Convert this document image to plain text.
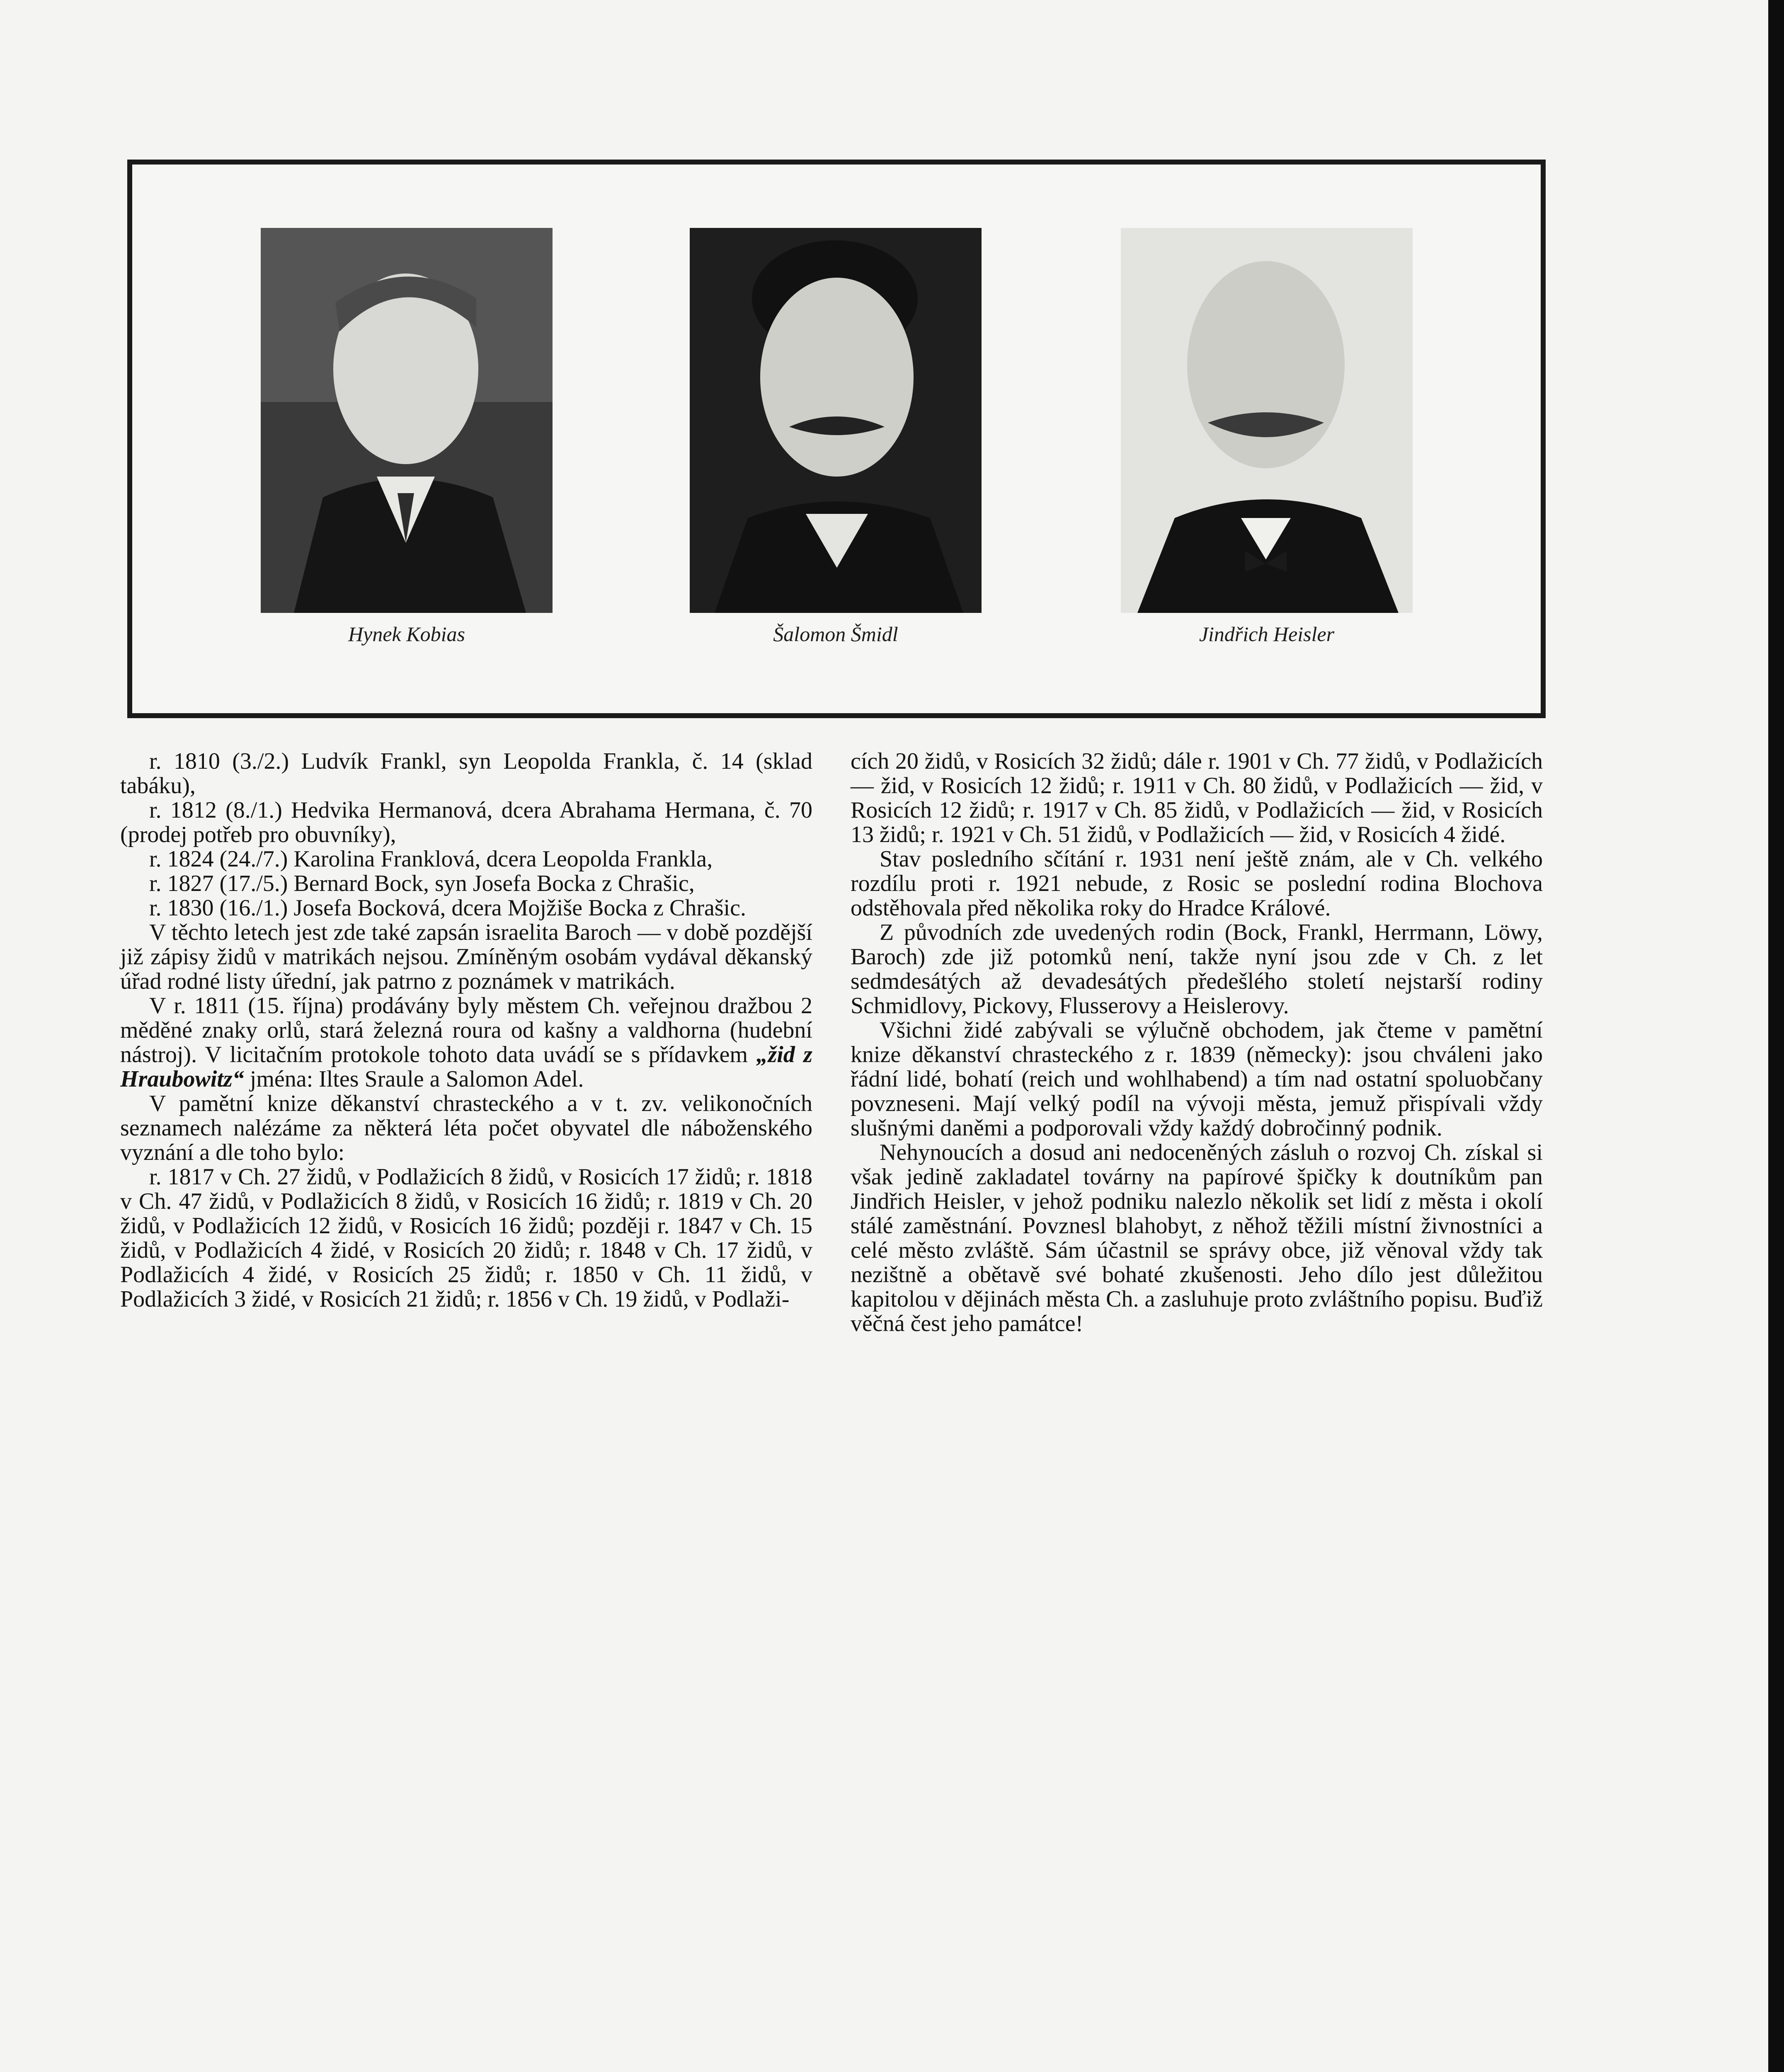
Hynek Kobias	Šalomon Šmidl	Jindřich Heisler

r. 1810 (3./2.) Ludvík Frankl, syn Leopolda Frankla, č. 14 (sklad tabáku),

r. 1812 (8./1.) Hedvika Hermanová, dcera Abrahama Hermana, č. 70 (prodej potřeb pro obuvníky),

r. 1824 (24./7.) Karolina Franklová, dcera Leopolda Frankla,

r. 1827 (17./5.) Bernard Bock, syn Josefa Bocka z Chrašic,

r. 1830 (16./1.) Josefa Bocková, dcera Mojžiše Bocka z Chrašic.

V těchto letech jest zde také zapsán israelita Baroch — v době pozdější již zápisy židů v matrikách nejsou. Zmíněným osobám vydával děkanský úřad rodné listy úřední, jak patrno z poznámek v matrikách.

V r. 1811 (15. října) prodávány byly městem Ch. veřejnou dražbou 2 měděné znaky orlů, stará železná roura od kašny a valdhorna (hudební nástroj). V licitačním protokole tohoto data uvádí se s přídavkem „žid z Hraubowitz“ jména: Iltes Sraule a Salomon Adel.

V pamětní knize děkanství chrasteckého a v t. zv. velikonočních seznamech nalézáme za některá léta počet obyvatel dle náboženského vyznání a dle toho bylo:

r. 1817 v Ch. 27 židů, v Podlažicích 8 židů, v Rosicích 17 židů; r. 1818 v Ch. 47 židů, v Podlažicích 8 židů, v Rosicích 16 židů; r. 1819 v Ch. 20 židů, v Podlažicích 12 židů, v Rosicích 16 židů; později r. 1847 v Ch. 15 židů, v Podlažicích 4 židé, v Rosicích 20 židů; r. 1848 v Ch. 17 židů, v Podlažicích 4 židé, v Rosicích 25 židů; r. 1850 v Ch. 11 židů, v Podlažicích 3 židé, v Rosicích 21 židů; r. 1856 v Ch. 19 židů, v Podlaži-

cích 20 židů, v Rosicích 32 židů; dále r. 1901 v Ch. 77 židů, v Podlažicích — žid, v Rosicích 12 židů; r. 1911 v Ch. 80 židů, v Podlažicích — žid, v Rosicích 12 židů; r. 1917 v Ch. 85 židů, v Podlažicích — žid, v Rosicích 13 židů; r. 1921 v Ch. 51 židů, v Podlažicích — žid, v Rosicích 4 židé.

Stav posledního sčítání r. 1931 není ještě znám, ale v Ch. velkého rozdílu proti r. 1921 nebude, z Rosic se poslední rodina Blochova odstěhovala před několika roky do Hradce Králové.

Z původních zde uvedených rodin (Bock, Frankl, Herrmann, Löwy, Baroch) zde již potomků není, takže nyní jsou zde v Ch. z let sedmdesátých až devadesátých předešlého století nejstarší rodiny Schmidlovy, Pickovy, Flusserovy a Heislerovy.

Všichni židé zabývali se výlučně obchodem, jak čteme v pamětní knize děkanství chrasteckého z r. 1839 (německy): jsou chváleni jako řádní lidé, bohatí (reich und wohlhabend) a tím nad ostatní spoluobčany povzneseni. Mají velký podíl na vývoji města, jemuž přispívali vždy slušnými daněmi a podporovali vždy každý dobročinný podnik.

Nehynoucích a dosud ani nedoceněných zásluh o rozvoj Ch. získal si však jedině zakladatel továrny na papírové špičky k doutníkům pan Jindřich Heisler, v jehož podniku nalezlo několik set lidí z města i okolí stálé zaměstnání. Povznesl blahobyt, z něhož těžili místní živnostníci a celé město zvláště. Sám účastnil se správy obce, již věnoval vždy tak nezištně a obětavě své bohaté zkušenosti. Jeho dílo jest důležitou kapitolou v dějinách města Ch. a zasluhuje proto zvláštního popisu. Buďiž věčná čest jeho památce!
